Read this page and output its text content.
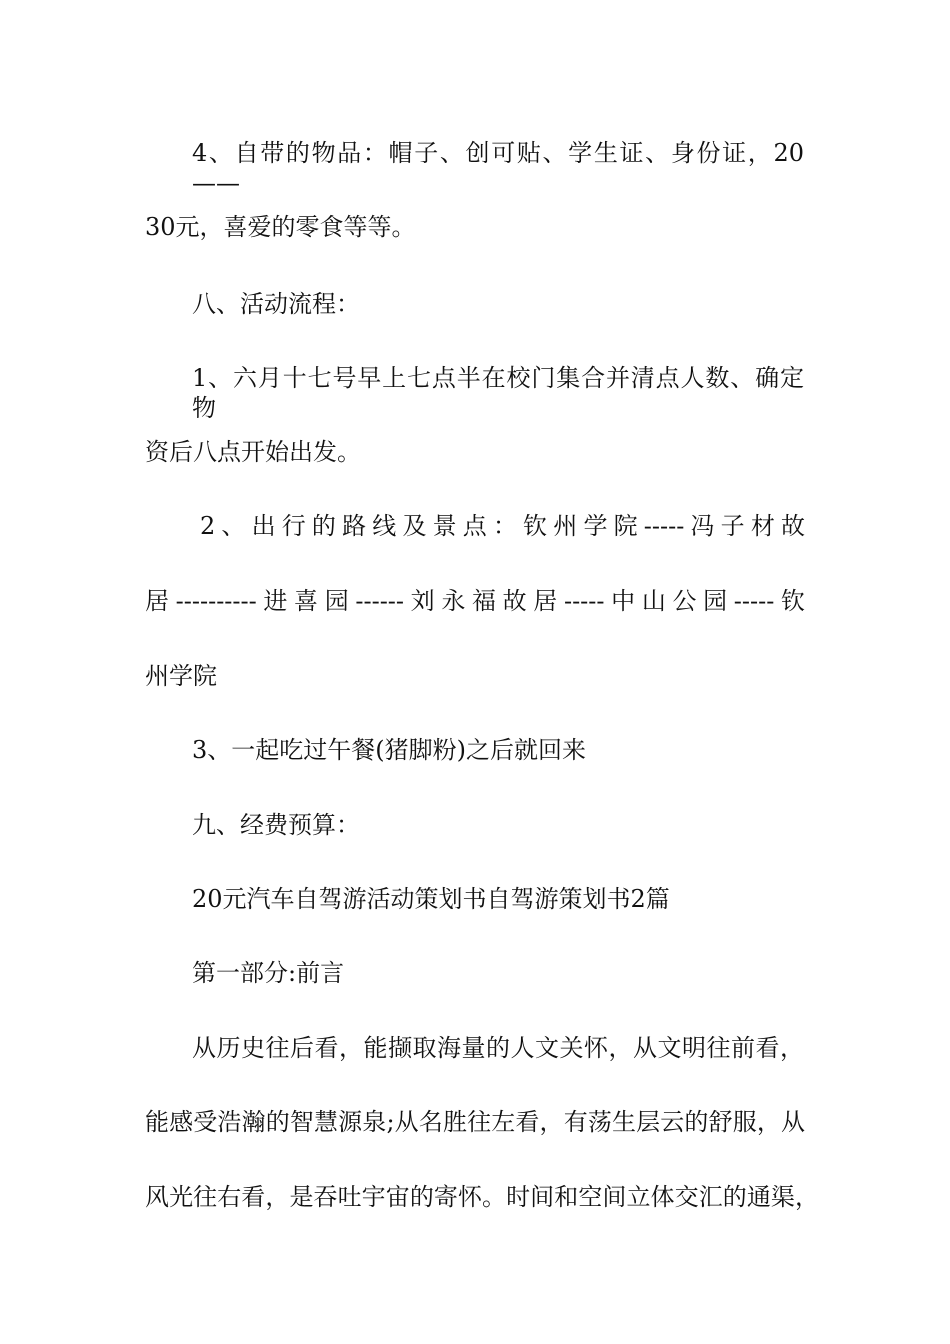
4、自带的物品：帽子、创可贴、学生证、身份证，20——
30元，喜爱的零食等等。
八、活动流程：
1、六月十七号早上七点半在校门集合并清点人数、确定物
资后八点开始出发。
2、出行的路线及景点：钦州学院-----冯子材故
居----------进喜园------刘永福故居-----中山公园-----钦
州学院
3、一起吃过午餐(猪脚粉)之后就回来
九、经费预算：
20元汽车自驾游活动策划书自驾游策划书2篇
第一部分:前言
从历史往后看，能撷取海量的人文关怀，从文明往前看，
能感受浩瀚的智慧源泉;从名胜往左看，有荡生层云的舒服，从
风光往右看，是吞吐宇宙的寄怀。时间和空间立体交汇的通渠，
